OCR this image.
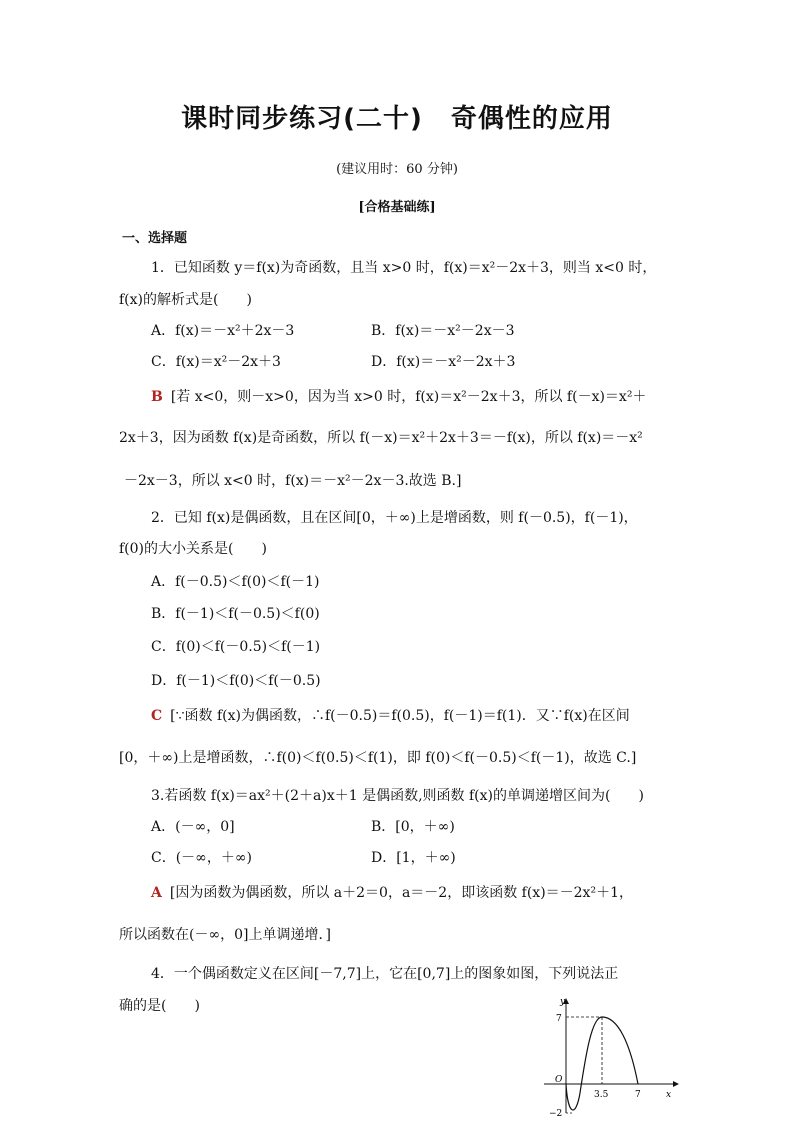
课时同步练习(二十) 奇偶性的应用
(建议用时：60 分钟)
[合格基础练]
一、选择题
1．已知函数 y＝f(x)为奇函数，且当 x>0 时，f(x)＝x²－2x＋3，则当 x<0 时，
f(x)的解析式是(　　)
A．f(x)＝－x²＋2x－3	B．f(x)＝－x²－2x－3
C．f(x)＝x²－2x＋3	D．f(x)＝－x²－2x＋3
B [若 x<0，则－x>0，因为当 x>0 时，f(x)＝x²－2x＋3，所以 f(－x)＝x²＋
2x＋3，因为函数 f(x)是奇函数，所以 f(－x)＝x²＋2x＋3＝－f(x)，所以 f(x)＝－x²
－2x－3，所以 x<0 时，f(x)＝－x²－2x－3.故选 B.]
2．已知 f(x)是偶函数，且在区间[0，＋∞)上是增函数，则 f(－0.5)，f(－1)，
f(0)的大小关系是(　　)
A．f(－0.5)＜f(0)＜f(－1)
B．f(－1)＜f(－0.5)＜f(0)
C．f(0)＜f(－0.5)＜f(－1)
D．f(－1)＜f(0)＜f(－0.5)
C [∵函数 f(x)为偶函数，∴f(－0.5)＝f(0.5)，f(－1)＝f(1)．又∵f(x)在区间
[0，＋∞)上是增函数，∴f(0)＜f(0.5)＜f(1)，即 f(0)＜f(－0.5)＜f(－1)，故选 C.]
3.若函数 f(x)＝ax²＋(2＋a)x＋1 是偶函数,则函数 f(x)的单调递增区间为(　　)
A．(－∞，0]	B．[0，＋∞)
C．(－∞，＋∞)	D．[1，＋∞)
A [因为函数为偶函数，所以 a＋2＝0，a＝－2，即该函数 f(x)＝－2x²＋1，
所以函数在(－∞，0]上单调递增．]
4．一个偶函数定义在区间[－7,7]上，它在[0,7]上的图象如图，下列说法正
确的是(　　)	y
x
O
7
−2
3.5	7
